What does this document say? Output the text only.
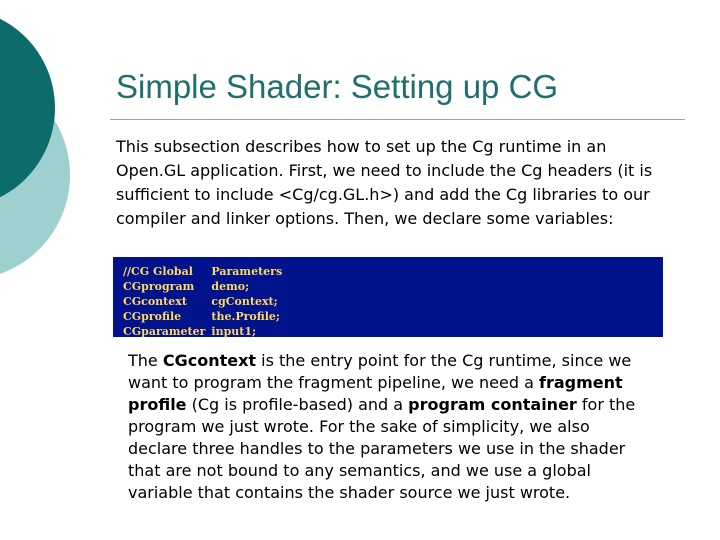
Simple Shader: Setting up CG

This subsection describes how to set up the Cg runtime in an Open.GL application. First, we need to include the Cg headers (it is sufficient to include <Cg/cg.GL.h>) and add the Cg libraries to our compiler and linker options. Then, we declare some variables:

//CG Global	Parameters
CGprogram	demo;
CGcontext	cgContext;
CGprofile	the.Profile;
CGparameter	input1;

The CGcontext is the entry point for the Cg runtime, since we want to program the fragment pipeline, we need a fragment profile (Cg is profile-based) and a program container for the program we just wrote. For the sake of simplicity, we also declare three handles to the parameters we use in the shader that are not bound to any semantics, and we use a global variable that contains the shader source we just wrote.
